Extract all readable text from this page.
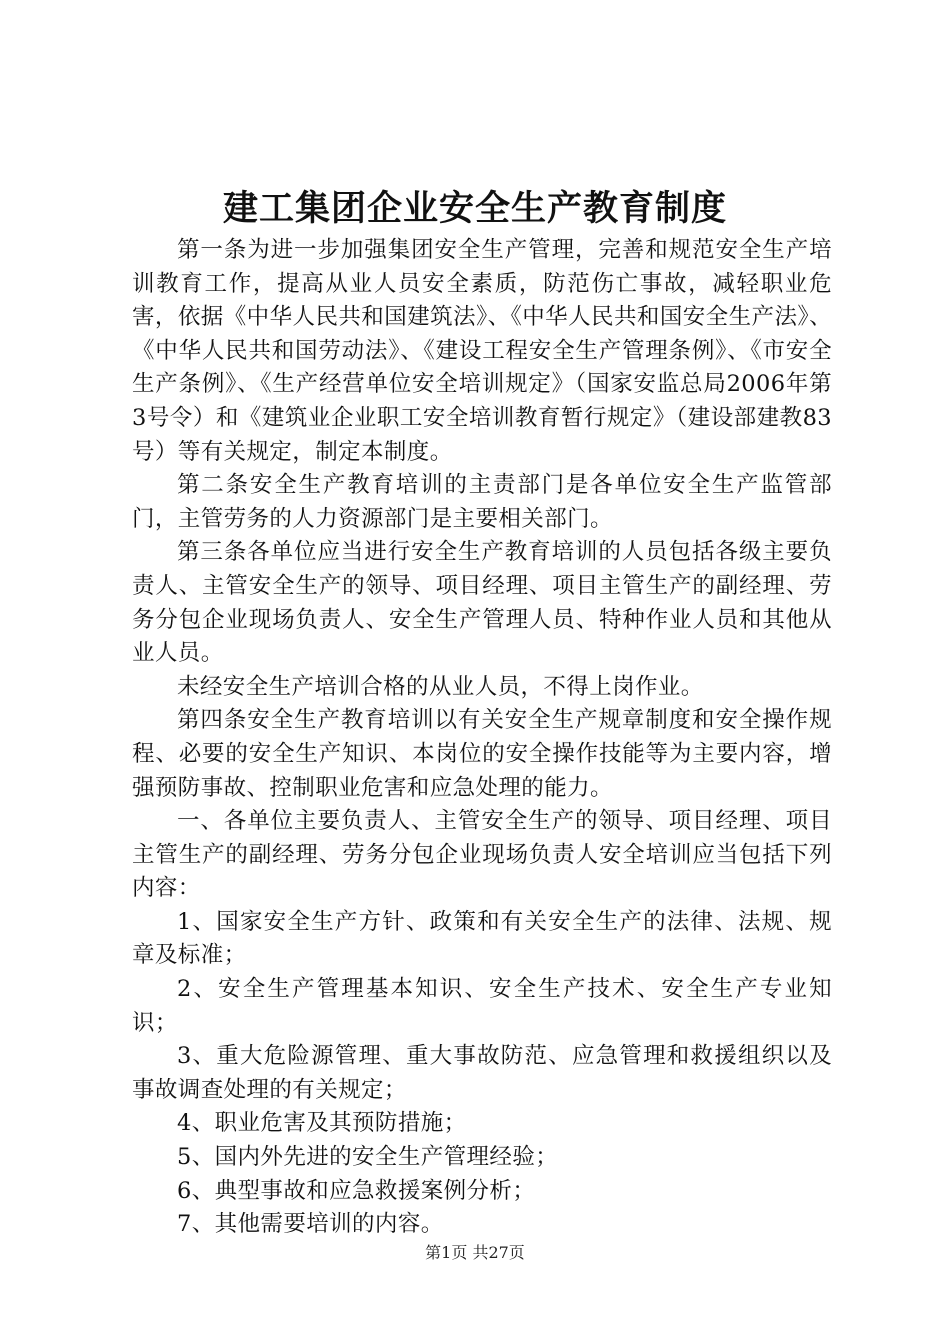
建工集团企业安全生产教育制度

第一条为进一步加强集团安全生产管理，完善和规范安全生产培训教育工作，提高从业人员安全素质，防范伤亡事故，减轻职业危害，依据《中华人民共和国建筑法》、《中华人民共和国安全生产法》、《中华人民共和国劳动法》、《建设工程安全生产管理条例》、《市安全生产条例》、《生产经营单位安全培训规定》（国家安监总局2006年第3号令）和《建筑业企业职工安全培训教育暂行规定》（建设部建教83号）等有关规定，制定本制度。

第二条安全生产教育培训的主责部门是各单位安全生产监管部门，主管劳务的人力资源部门是主要相关部门。

第三条各单位应当进行安全生产教育培训的人员包括各级主要负责人、主管安全生产的领导、项目经理、项目主管生产的副经理、劳务分包企业现场负责人、安全生产管理人员、特种作业人员和其他从业人员。

未经安全生产培训合格的从业人员，不得上岗作业。

第四条安全生产教育培训以有关安全生产规章制度和安全操作规程、必要的安全生产知识、本岗位的安全操作技能等为主要内容，增强预防事故、控制职业危害和应急处理的能力。

一、各单位主要负责人、主管安全生产的领导、项目经理、项目主管生产的副经理、劳务分包企业现场负责人安全培训应当包括下列内容：

1、国家安全生产方针、政策和有关安全生产的法律、法规、规章及标准；

2、安全生产管理基本知识、安全生产技术、安全生产专业知识；

3、重大危险源管理、重大事故防范、应急管理和救援组织以及事故调查处理的有关规定；

4、职业危害及其预防措施；

5、国内外先进的安全生产管理经验；

6、典型事故和应急救援案例分析；

7、其他需要培训的内容。

第1页 共27页
